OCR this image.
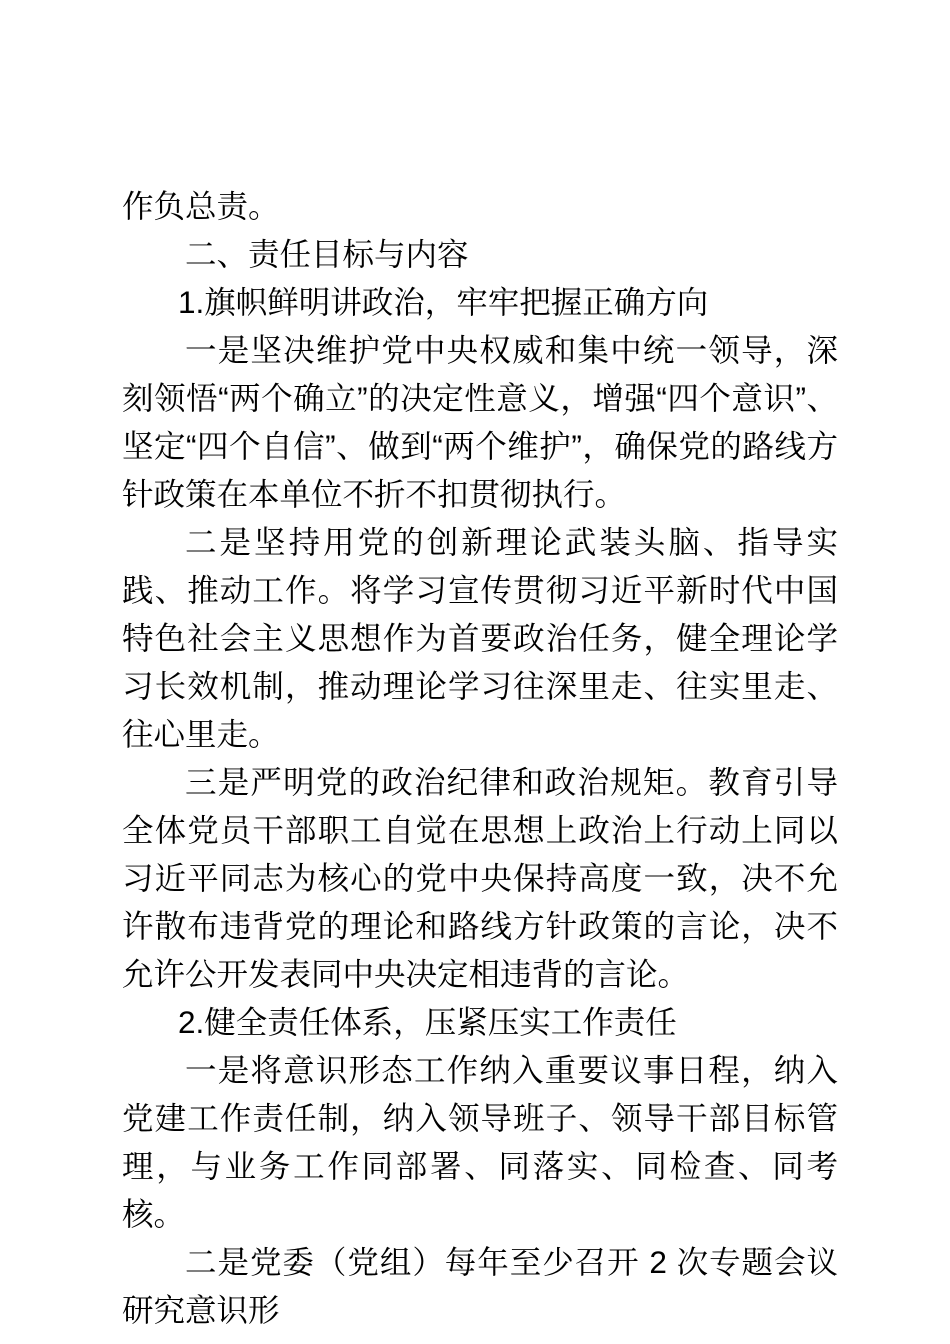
作负总责。

二、责任目标与内容

1.旗帜鲜明讲政治，牢牢把握正确方向

一是坚决维护党中央权威和集中统一领导，深刻领悟“两个确立”的决定性意义，增强“四个意识”、坚定“四个自信”、做到“两个维护”，确保党的路线方针政策在本单位不折不扣贯彻执行。

二是坚持用党的创新理论武装头脑、指导实践、推动工作。将学习宣传贯彻习近平新时代中国特色社会主义思想作为首要政治任务，健全理论学习长效机制，推动理论学习往深里走、往实里走、往心里走。

三是严明党的政治纪律和政治规矩。教育引导全体党员干部职工自觉在思想上政治上行动上同以习近平同志为核心的党中央保持高度一致，决不允许散布违背党的理论和路线方针政策的言论，决不允许公开发表同中央决定相违背的言论。

2.健全责任体系，压紧压实工作责任

一是将意识形态工作纳入重要议事日程，纳入党建工作责任制，纳入领导班子、领导干部目标管理，与业务工作同部署、同落实、同检查、同考核。

二是党委（党组）每年至少召开 2 次专题会议研究意识形
